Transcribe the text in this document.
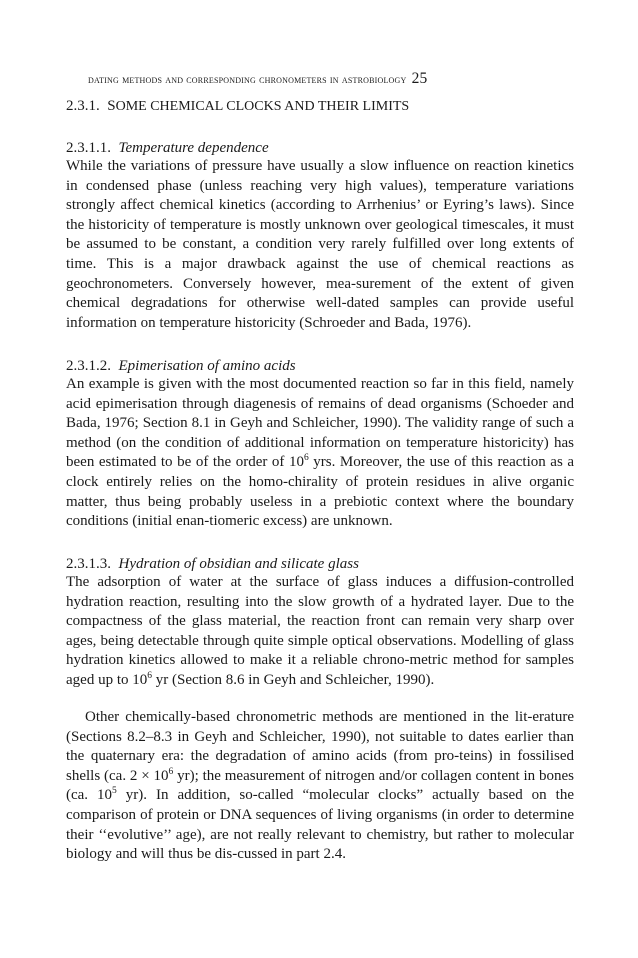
dating methods and corresponding chronometers in astrobiology 25
2.3.1. SOME CHEMICAL CLOCKS AND THEIR LIMITS
2.3.1.1. Temperature dependence

While the variations of pressure have usually a slow influence on reaction kinetics in condensed phase (unless reaching very high values), temperature variations strongly affect chemical kinetics (according to Arrhenius’ or Eyring’s laws). Since the historicity of temperature is mostly unknown over geological timescales, it must be assumed to be constant, a condition very rarely fulfilled over long extents of time. This is a major drawback against the use of chemical reactions as geochronometers. Conversely however, mea-surement of the extent of given chemical degradations for otherwise well-dated samples can provide useful information on temperature historicity (Schroeder and Bada, 1976).

2.3.1.2. Epimerisation of amino acids

An example is given with the most documented reaction so far in this field, namely acid epimerisation through diagenesis of remains of dead organisms (Schoeder and Bada, 1976; Section 8.1 in Geyh and Schleicher, 1990). The validity range of such a method (on the condition of additional information on temperature historicity) has been estimated to be of the order of $10^6$ yrs. Moreover, the use of this reaction as a clock entirely relies on the homo-chirality of protein residues in alive organic matter, thus being probably useless in a prebiotic context where the boundary conditions (initial enan-tiomeric excess) are unknown.

2.3.1.3. Hydration of obsidian and silicate glass

The adsorption of water at the surface of glass induces a diffusion-controlled hydration reaction, resulting into the slow growth of a hydrated layer. Due to the compactness of the glass material, the reaction front can remain very sharp over ages, being detectable through quite simple optical observations. Modelling of glass hydration kinetics allowed to make it a reliable chrono-metric method for samples aged up to $10^6$ yr (Section 8.6 in Geyh and Schleicher, 1990).

Other chemically-based chronometric methods are mentioned in the lit-erature (Sections 8.2–8.3 in Geyh and Schleicher, 1990), not suitable to dates earlier than the quaternary era: the degradation of amino acids (from pro-teins) in fossilised shells (ca. $2 \times 10^6$ yr); the measurement of nitrogen and/or collagen content in bones (ca. $10^5$ yr). In addition, so-called “molecular clocks” actually based on the comparison of protein or DNA sequences of living organisms (in order to determine their ‘‘evolutive’’ age), are not really relevant to chemistry, but rather to molecular biology and will thus be dis-cussed in part 2.4.
